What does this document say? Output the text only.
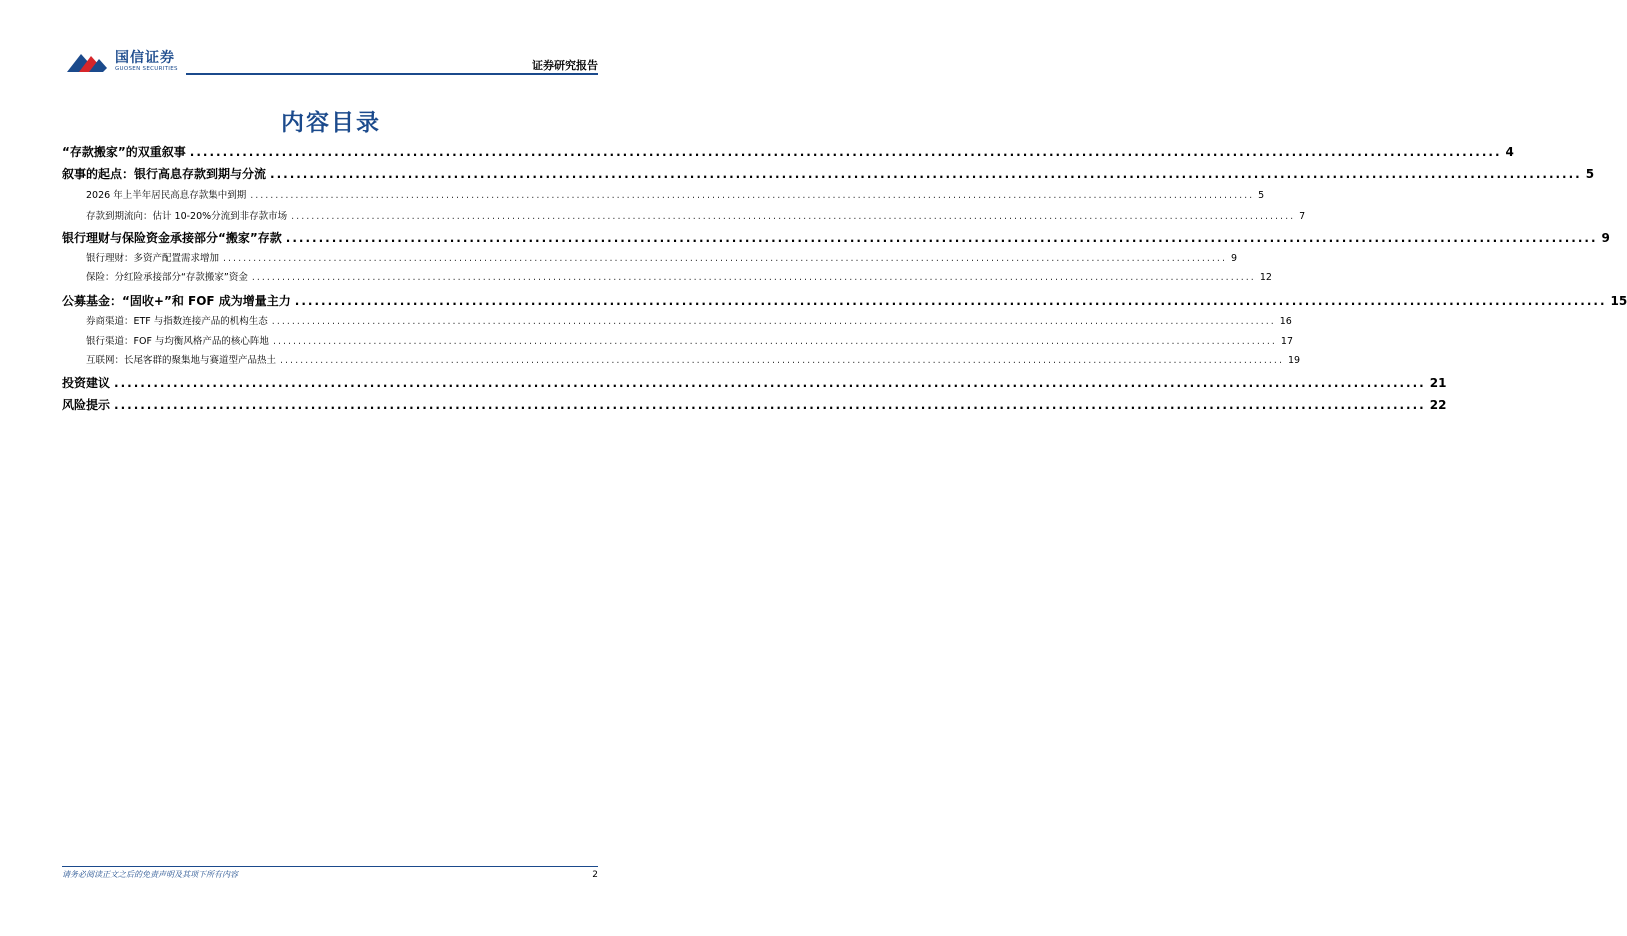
国信证券
GUOSEN SECURITIES	证券研究报告
内容目录
“存款搬家”的双重叙事 ........................................................................................................................................................................................................ 4
叙事的起点：银行高息存款到期与分流 ........................................................................................................................................................................................................ 5
2026 年上半年居民高息存款集中到期 ........................................................................................................................................................................................................ 5
存款到期流向：估计 10-20%分流到非存款市场 ........................................................................................................................................................................................................ 7
银行理财与保险资金承接部分“搬家”存款 ........................................................................................................................................................................................................ 9
银行理财：多资产配置需求增加 ........................................................................................................................................................................................................ 9
保险：分红险承接部分“存款搬家”资金 ........................................................................................................................................................................................................ 12
公募基金：“固收+”和 FOF 成为增量主力 ........................................................................................................................................................................................................ 15
券商渠道：ETF 与指数连接产品的机构生态 ........................................................................................................................................................................................................ 16
银行渠道：FOF 与均衡风格产品的核心阵地 ........................................................................................................................................................................................................ 17
互联网：长尾客群的聚集地与赛道型产品热土 ........................................................................................................................................................................................................ 19
投资建议 ........................................................................................................................................................................................................ 21
风险提示 ........................................................................................................................................................................................................ 22
请务必阅读正文之后的免责声明及其项下所有内容	2
